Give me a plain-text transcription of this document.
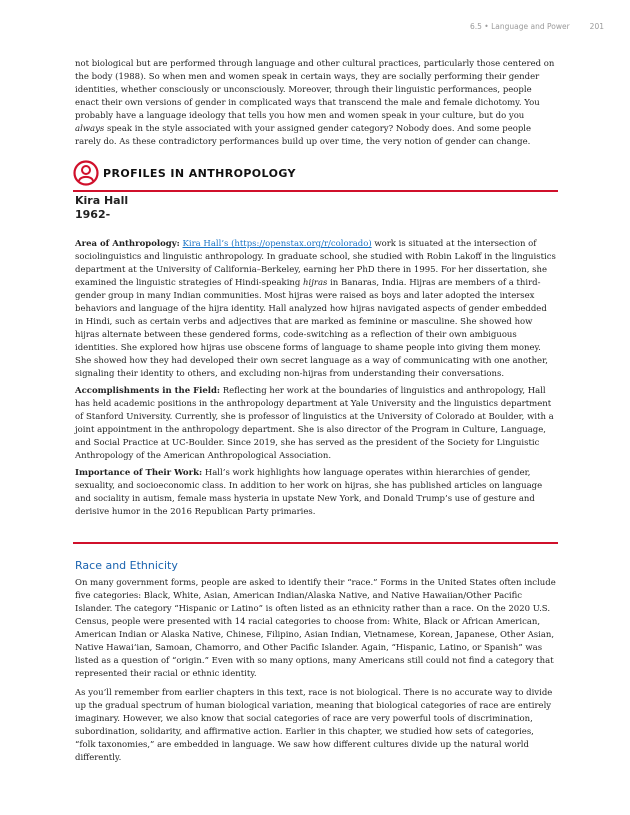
6.5 • Language and Power	201

not biological but are performed through language and other cultural practices, particularly those centered on the body (1988). So when men and women speak in certain ways, they are socially performing their gender identities, whether consciously or unconsciously. Moreover, through their linguistic performances, people enact their own versions of gender in complicated ways that transcend the male and female dichotomy. You probably have a language ideology that tells you how men and women speak in your culture, but do you always speak in the style associated with your assigned gender category? Nobody does. And some people rarely do. As these contradictory performances build up over time, the very notion of gender can change.

PROFILES IN ANTHROPOLOGY
Kira Hall
1962-

Area of Anthropology: Kira Hall’s (https://openstax.org/r/colorado) work is situated at the intersection of sociolinguistics and linguistic anthropology. In graduate school, she studied with Robin Lakoff in the linguistics department at the University of California–Berkeley, earning her PhD there in 1995. For her dissertation, she examined the linguistic strategies of Hindi-speaking hijras in Banaras, India. Hijras are members of a third-gender group in many Indian communities. Most hijras were raised as boys and later adopted the intersex behaviors and language of the hijra identity. Hall analyzed how hijras navigated aspects of gender embedded in Hindi, such as certain verbs and adjectives that are marked as feminine or masculine. She showed how hijras alternate between these gendered forms, code-switching as a reflection of their own ambiguous identities. She explored how hijras use obscene forms of language to shame people into giving them money. She showed how they had developed their own secret language as a way of communicating with one another, signaling their identity to others, and excluding non-hijras from understanding their conversations.

Accomplishments in the Field: Reflecting her work at the boundaries of linguistics and anthropology, Hall has held academic positions in the anthropology department at Yale University and the linguistics department of Stanford University. Currently, she is professor of linguistics at the University of Colorado at Boulder, with a joint appointment in the anthropology department. She is also director of the Program in Culture, Language, and Social Practice at UC-Boulder. Since 2019, she has served as the president of the Society for Linguistic Anthropology of the American Anthropological Association.

Importance of Their Work: Hall’s work highlights how language operates within hierarchies of gender, sexuality, and socioeconomic class. In addition to her work on hijras, she has published articles on language and sociality in autism, female mass hysteria in upstate New York, and Donald Trump’s use of gesture and derisive humor in the 2016 Republican Party primaries.

Race and Ethnicity

On many government forms, people are asked to identify their “race.” Forms in the United States often include five categories: Black, White, Asian, American Indian/Alaska Native, and Native Hawaiian/Other Pacific Islander. The category “Hispanic or Latino” is often listed as an ethnicity rather than a race. On the 2020 U.S. Census, people were presented with 14 racial categories to choose from: White, Black or African American, American Indian or Alaska Native, Chinese, Filipino, Asian Indian, Vietnamese, Korean, Japanese, Other Asian, Native Hawai‘ian, Samoan, Chamorro, and Other Pacific Islander. Again, “Hispanic, Latino, or Spanish” was listed as a question of “origin.” Even with so many options, many Americans still could not find a category that represented their racial or ethnic identity.

As you’ll remember from earlier chapters in this text, race is not biological. There is no accurate way to divide up the gradual spectrum of human biological variation, meaning that biological categories of race are entirely imaginary. However, we also know that social categories of race are very powerful tools of discrimination, subordination, solidarity, and affirmative action. Earlier in this chapter, we studied how sets of categories, “folk taxonomies,” are embedded in language. We saw how different cultures divide up the natural world differently.
